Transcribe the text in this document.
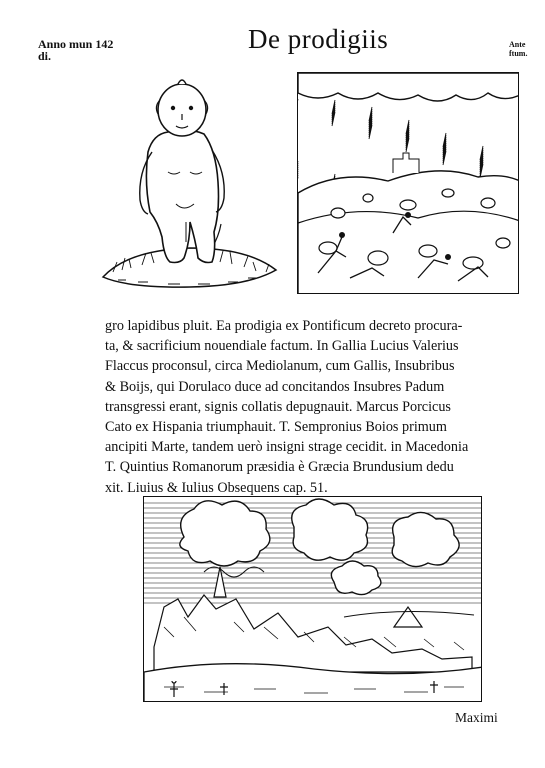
Anno mun 142
di.
De prodigiis	Ante
ftum.
gro lapidibus pluit. Ea prodigia ex Pontificum decreto procura-
ta, & sacrificium nouendiale factum. In Gallia Lucius Valerius
Flaccus proconsul, circa Mediolanum, cum Gallis, Insubribus
& Boijs, qui Dorulaco duce ad concitandos Insubres Padum
transgressi erant, signis collatis depugnauit. Marcus Porcicus
Cato ex Hispania triumphauit. T. Sempronius Boios primum
ancipiti Marte, tandem uerò insigni strage cecidit. in Macedonia
T. Quintius Romanorum præsidia è Græcia Brundusium dedu
xit. Liuius & Iulius Obsequens cap. 51.
Maximi
